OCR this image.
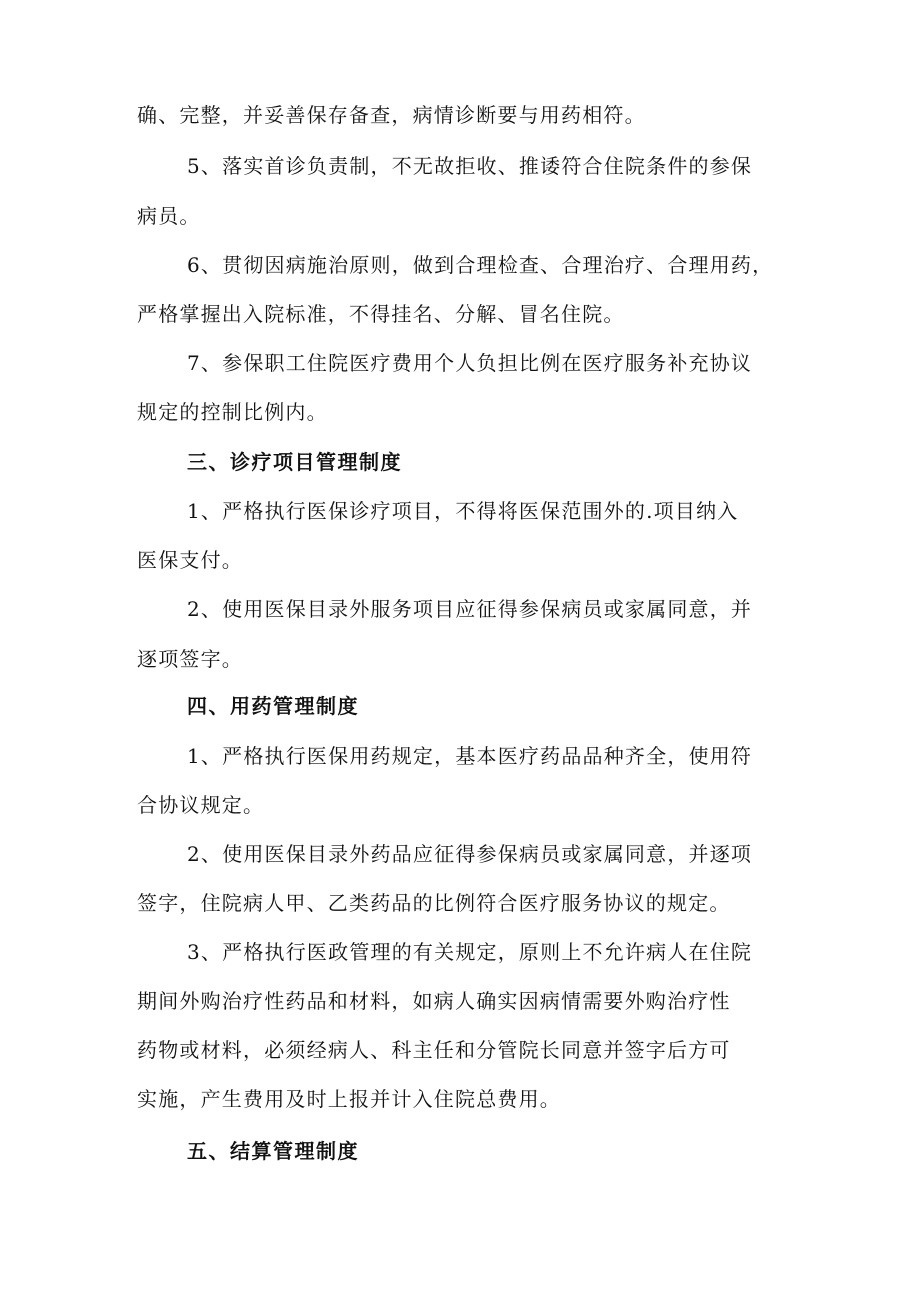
确、完整，并妥善保存备查，病情诊断要与用药相符。
5、落实首诊负责制，不无故拒收、推诿符合住院条件的参保
病员。
6、贯彻因病施治原则，做到合理检查、合理治疗、合理用药，
严格掌握出入院标准，不得挂名、分解、冒名住院。
7、参保职工住院医疗费用个人负担比例在医疗服务补充协议
规定的控制比例内。
三、诊疗项目管理制度
1、严格执行医保诊疗项目，不得将医保范围外的.项目纳入
医保支付。
2、使用医保目录外服务项目应征得参保病员或家属同意，并
逐项签字。
四、用药管理制度
1、严格执行医保用药规定，基本医疗药品品种齐全，使用符
合协议规定。
2、使用医保目录外药品应征得参保病员或家属同意，并逐项
签字，住院病人甲、乙类药品的比例符合医疗服务协议的规定。
3、严格执行医政管理的有关规定，原则上不允许病人在住院
期间外购治疗性药品和材料，如病人确实因病情需要外购治疗性
药物或材料，必须经病人、科主任和分管院长同意并签字后方可
实施，产生费用及时上报并计入住院总费用。
五、结算管理制度
